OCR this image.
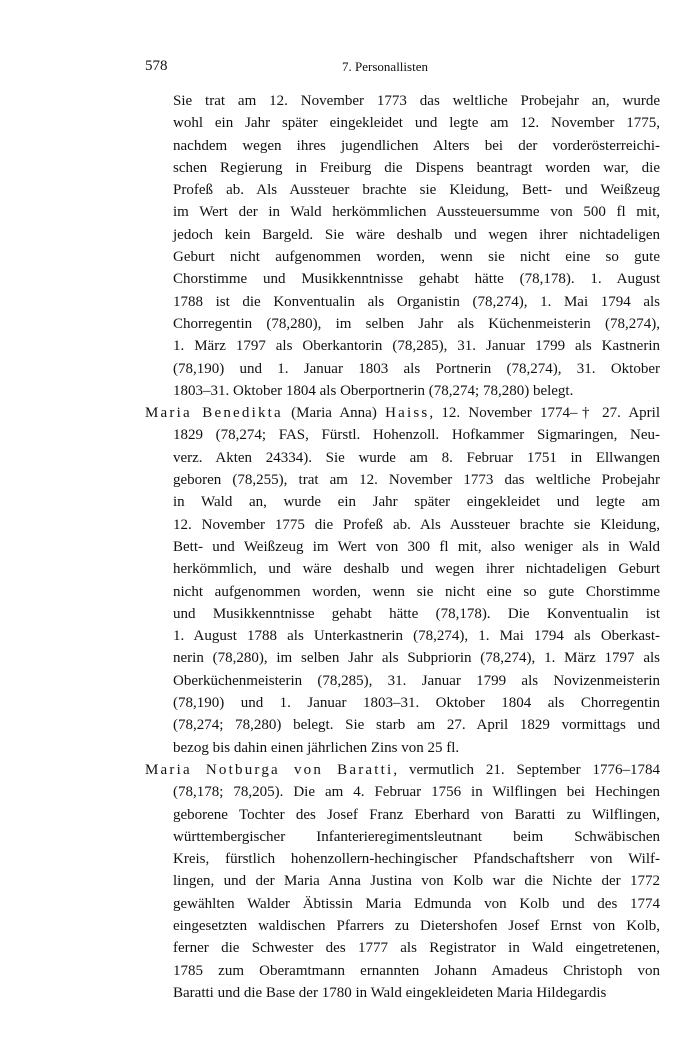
578	7. Personallisten
Sie trat am 12. November 1773 das weltliche Probejahr an, wurde
wohl ein Jahr später eingekleidet und legte am 12. November 1775,
nachdem wegen ihres jugendlichen Alters bei der vorderösterreichi-
schen Regierung in Freiburg die Dispens beantragt worden war, die
Profeß ab. Als Aussteuer brachte sie Kleidung, Bett- und Weißzeug
im Wert der in Wald herkömmlichen Aussteuersumme von 500 fl mit,
jedoch kein Bargeld. Sie wäre deshalb und wegen ihrer nichtadeligen
Geburt nicht aufgenommen worden, wenn sie nicht eine so gute
Chorstimme und Musikkenntnisse gehabt hätte (78,178). 1. August
1788 ist die Konventualin als Organistin (78,274), 1. Mai 1794 als
Chorregentin (78,280), im selben Jahr als Küchenmeisterin (78,274),
1. März 1797 als Oberkantorin (78,285), 31. Januar 1799 als Kastnerin
(78,190) und 1. Januar 1803 als Portnerin (78,274), 31. Oktober
1803–31. Oktober 1804 als Oberportnerin (78,274; 78,280) belegt.
Maria Benedikta (Maria Anna) Haiss, 12. November 1774–† 27. April
1829 (78,274; FAS, Fürstl. Hohenzoll. Hofkammer Sigmaringen, Neu-
verz. Akten 24334). Sie wurde am 8. Februar 1751 in Ellwangen
geboren (78,255), trat am 12. November 1773 das weltliche Probejahr
in Wald an, wurde ein Jahr später eingekleidet und legte am
12. November 1775 die Profeß ab. Als Aussteuer brachte sie Kleidung,
Bett- und Weißzeug im Wert von 300 fl mit, also weniger als in Wald
herkömmlich, und wäre deshalb und wegen ihrer nichtadeligen Geburt
nicht aufgenommen worden, wenn sie nicht eine so gute Chorstimme
und Musikkenntnisse gehabt hätte (78,178). Die Konventualin ist
1. August 1788 als Unterkastnerin (78,274), 1. Mai 1794 als Oberkast-
nerin (78,280), im selben Jahr als Subpriorin (78,274), 1. März 1797 als
Oberküchenmeisterin (78,285), 31. Januar 1799 als Novizenmeisterin
(78,190) und 1. Januar 1803–31. Oktober 1804 als Chorregentin
(78,274; 78,280) belegt. Sie starb am 27. April 1829 vormittags und
bezog bis dahin einen jährlichen Zins von 25 fl.
Maria Notburga von Baratti, vermutlich 21. September 1776–1784
(78,178; 78,205). Die am 4. Februar 1756 in Wilflingen bei Hechingen
geborene Tochter des Josef Franz Eberhard von Baratti zu Wilflingen,
württembergischer Infanterieregimentsleutnant beim Schwäbischen
Kreis, fürstlich hohenzollern-hechingischer Pfandschaftsherr von Wilf-
lingen, und der Maria Anna Justina von Kolb war die Nichte der 1772
gewählten Walder Äbtissin Maria Edmunda von Kolb und des 1774
eingesetzten waldischen Pfarrers zu Dietershofen Josef Ernst von Kolb,
ferner die Schwester des 1777 als Registrator in Wald eingetretenen,
1785 zum Oberamtmann ernannten Johann Amadeus Christoph von
Baratti und die Base der 1780 in Wald eingekleideten Maria Hildegardis
